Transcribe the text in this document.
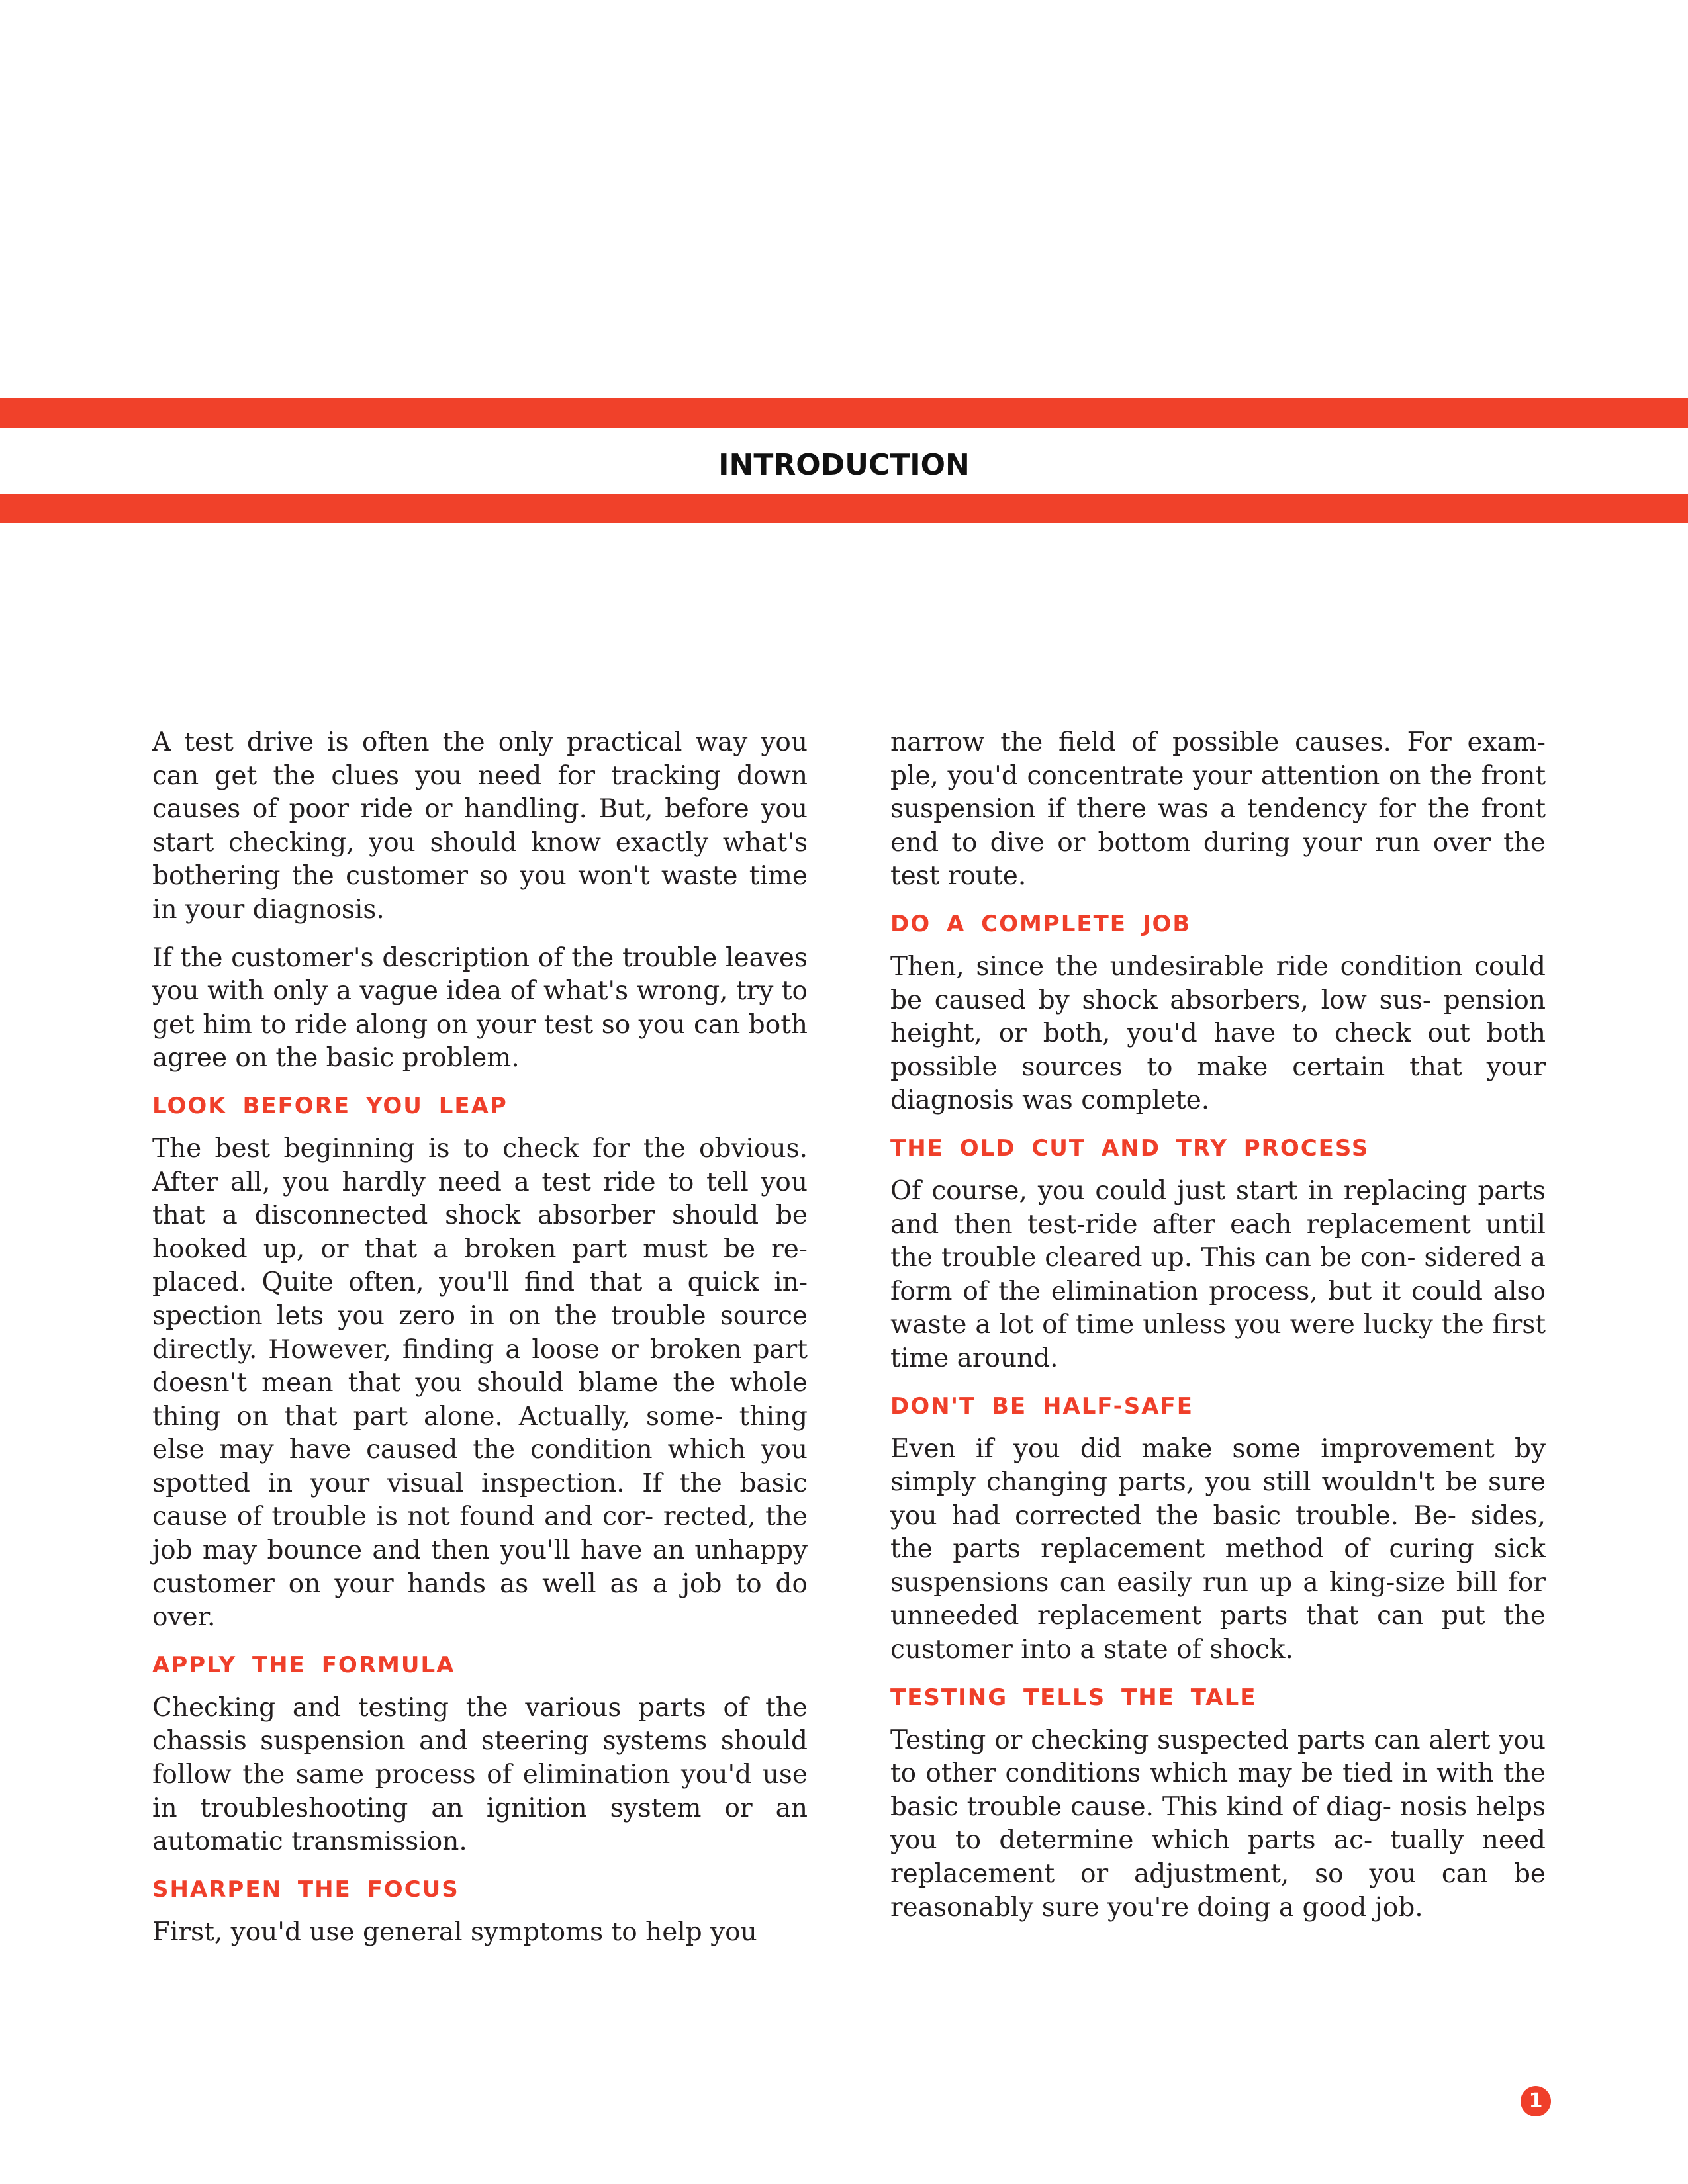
INTRODUCTION

A test drive is often the only practical way you can get the clues you need for tracking down causes of poor ride or handling. But, before you start checking, you should know exactly what's bothering the customer so you won't waste time in your diagnosis.

If the customer's description of the trouble leaves you with only a vague idea of what's wrong, try to get him to ride along on your test so you can both agree on the basic problem.

LOOK BEFORE YOU LEAP

The best beginning is to check for the obvious. After all, you hardly need a test ride to tell you that a disconnected shock absorber should be hooked up, or that a broken part must be re- placed. Quite often, you'll find that a quick in- spection lets you zero in on the trouble source directly. However, finding a loose or broken part doesn't mean that you should blame the whole thing on that part alone. Actually, some- thing else may have caused the condition which you spotted in your visual inspection. If the basic cause of trouble is not found and cor- rected, the job may bounce and then you'll have an unhappy customer on your hands as well as a job to do over.

APPLY THE FORMULA

Checking and testing the various parts of the chassis suspension and steering systems should follow the same process of elimination you'd use in troubleshooting an ignition system or an automatic transmission.

SHARPEN THE FOCUS

First, you'd use general symptoms to help you

narrow the field of possible causes. For exam- ple, you'd concentrate your attention on the front suspension if there was a tendency for the front end to dive or bottom during your run over the test route.

DO A COMPLETE JOB

Then, since the undesirable ride condition could be caused by shock absorbers, low sus- pension height, or both, you'd have to check out both possible sources to make certain that your diagnosis was complete.

THE OLD CUT AND TRY PROCESS

Of course, you could just start in replacing parts and then test-ride after each replacement until the trouble cleared up. This can be con- sidered a form of the elimination process, but it could also waste a lot of time unless you were lucky the first time around.

DON'T BE HALF-SAFE

Even if you did make some improvement by simply changing parts, you still wouldn't be sure you had corrected the basic trouble. Be- sides, the parts replacement method of curing sick suspensions can easily run up a king-size bill for unneeded replacement parts that can put the customer into a state of shock.

TESTING TELLS THE TALE

Testing or checking suspected parts can alert you to other conditions which may be tied in with the basic trouble cause. This kind of diag- nosis helps you to determine which parts ac- tually need replacement or adjustment, so you can be reasonably sure you're doing a good job.

1
